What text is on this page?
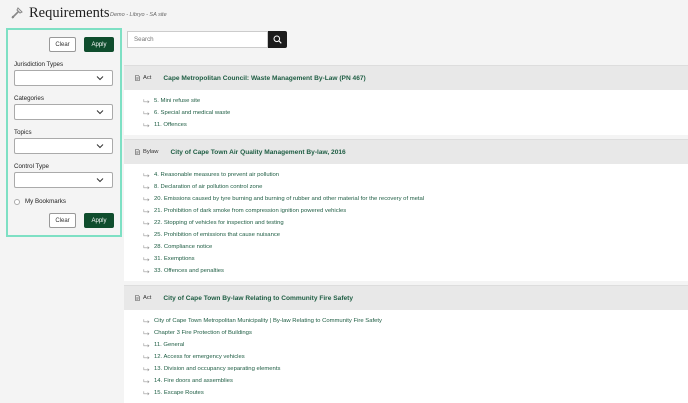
Requirements Demo - Libryo - SA site
Clear	Apply
Jurisdiction Types
Categories
Topics
Control Type
My Bookmarks
Clear	Apply
Search
Act Cape Metropolitan Council: Waste Management By-Law (PN 467)
5. Mini refuse site
6. Special and medical waste
11. Offences
Bylaw City of Cape Town Air Quality Management By-law, 2016
4. Reasonable measures to prevent air pollution
8. Declaration of air pollution control zone
20. Emissions caused by tyre burning and burning of rubber and other material for the recovery of metal
21. Prohibition of dark smoke from compression ignition powered vehicles
22. Stopping of vehicles for inspection and testing
25. Prohibition of emissions that cause nuisance
28. Compliance notice
31. Exemptions
33. Offences and penalties
Act City of Cape Town By-law Relating to Community Fire Safety
City of Cape Town Metropolitan Municipality | By-law Relating to Community Fire Safety
Chapter 3 Fire Protection of Buildings
11. General
12. Access for emergency vehicles
13. Division and occupancy separating elements
14. Fire doors and assemblies
15. Escape Routes
